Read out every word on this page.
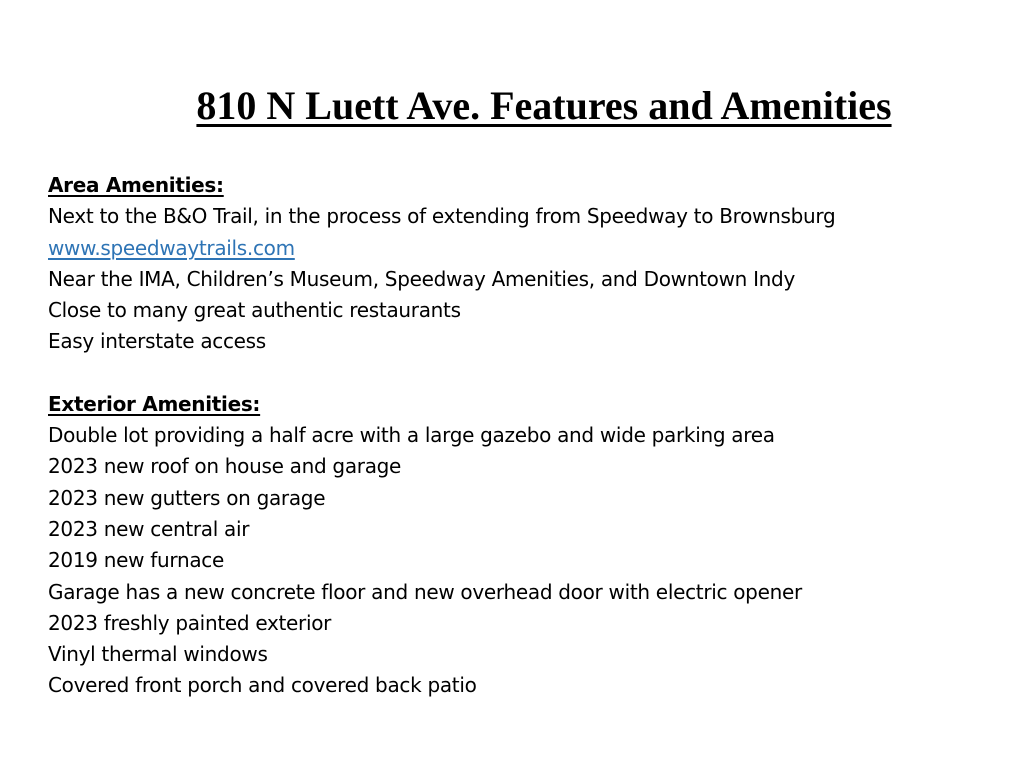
810 N Luett Ave. Features and Amenities
Area Amenities:
Next to the B&O Trail, in the process of extending from Speedway to Brownsburg
www.speedwaytrails.com
Near the IMA, Children’s Museum, Speedway Amenities, and Downtown Indy
Close to many great authentic restaurants
Easy interstate access
Exterior Amenities:
Double lot providing a half acre with a large gazebo and wide parking area
2023 new roof on house and garage
2023 new gutters on garage
2023 new central air
2019 new furnace
Garage has a new concrete floor and new overhead door with electric opener
2023 freshly painted exterior
Vinyl thermal windows
Covered front porch and covered back patio
